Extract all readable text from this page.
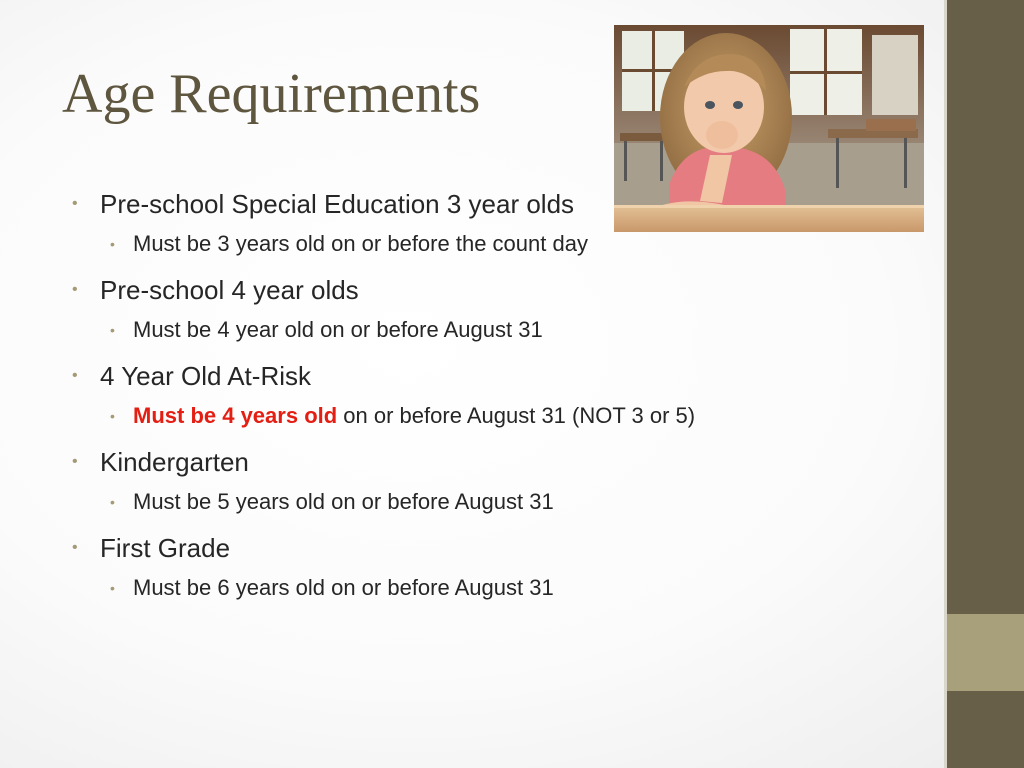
Age Requirements
• Pre-school Special Education 3 year olds
• Must be 3 years old on or before the count day
• Pre-school 4 year olds
• Must be 4 year old on or before August 31
• 4 Year Old At-Risk
• Must be 4 years old on or before August 31 (NOT 3 or 5)
• Kindergarten
• Must be 5 years old on or before August 31
• First Grade
• Must be 6 years old on or before August 31
